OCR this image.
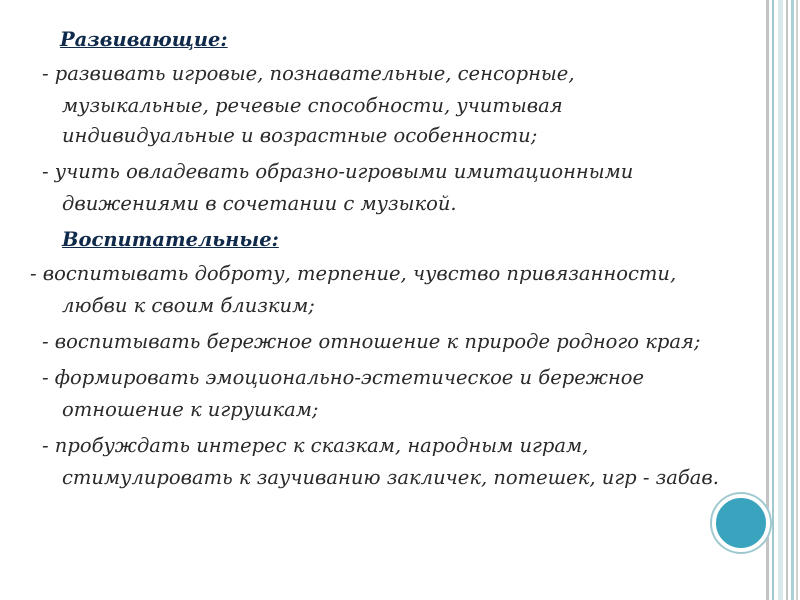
Развивающие:
- развивать игровые, познавательные, сенсорные,
музыкальные, речевые способности, учитывая
индивидуальные и возрастные особенности;
- учить овладевать образно-игровыми имитационными
движениями в сочетании с музыкой.
Воспитательные:
- воспитывать доброту, терпение, чувство привязанности,
любви к своим близким;
- воспитывать бережное отношение к природе родного края;
- формировать эмоционально-эстетическое и бережное
отношение к игрушкам;
- пробуждать интерес к сказкам, народным играм,
стимулировать к заучиванию закличек, потешек, игр - забав.
